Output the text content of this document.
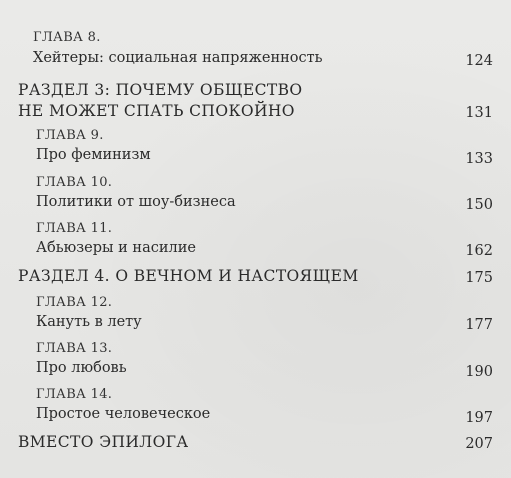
ГЛАВА 8.
Хейтеры: социальная напряженность	124
РАЗДЕЛ 3: ПОЧЕМУ ОБЩЕСТВО
НЕ МОЖЕТ СПАТЬ СПОКОЙНО	131
ГЛАВА 9.
Про феминизм	133
ГЛАВА 10.
Политики от шоу-бизнеса	150
ГЛАВА 11.
Абьюзеры и насилие	162
РАЗДЕЛ 4. О ВЕЧНОМ И НАСТОЯЩЕМ	175
ГЛАВА 12.
Кануть в лету	177
ГЛАВА 13.
Про любовь	190
ГЛАВА 14.
Простое человеческое	197
ВМЕСТО ЭПИЛОГА	207
